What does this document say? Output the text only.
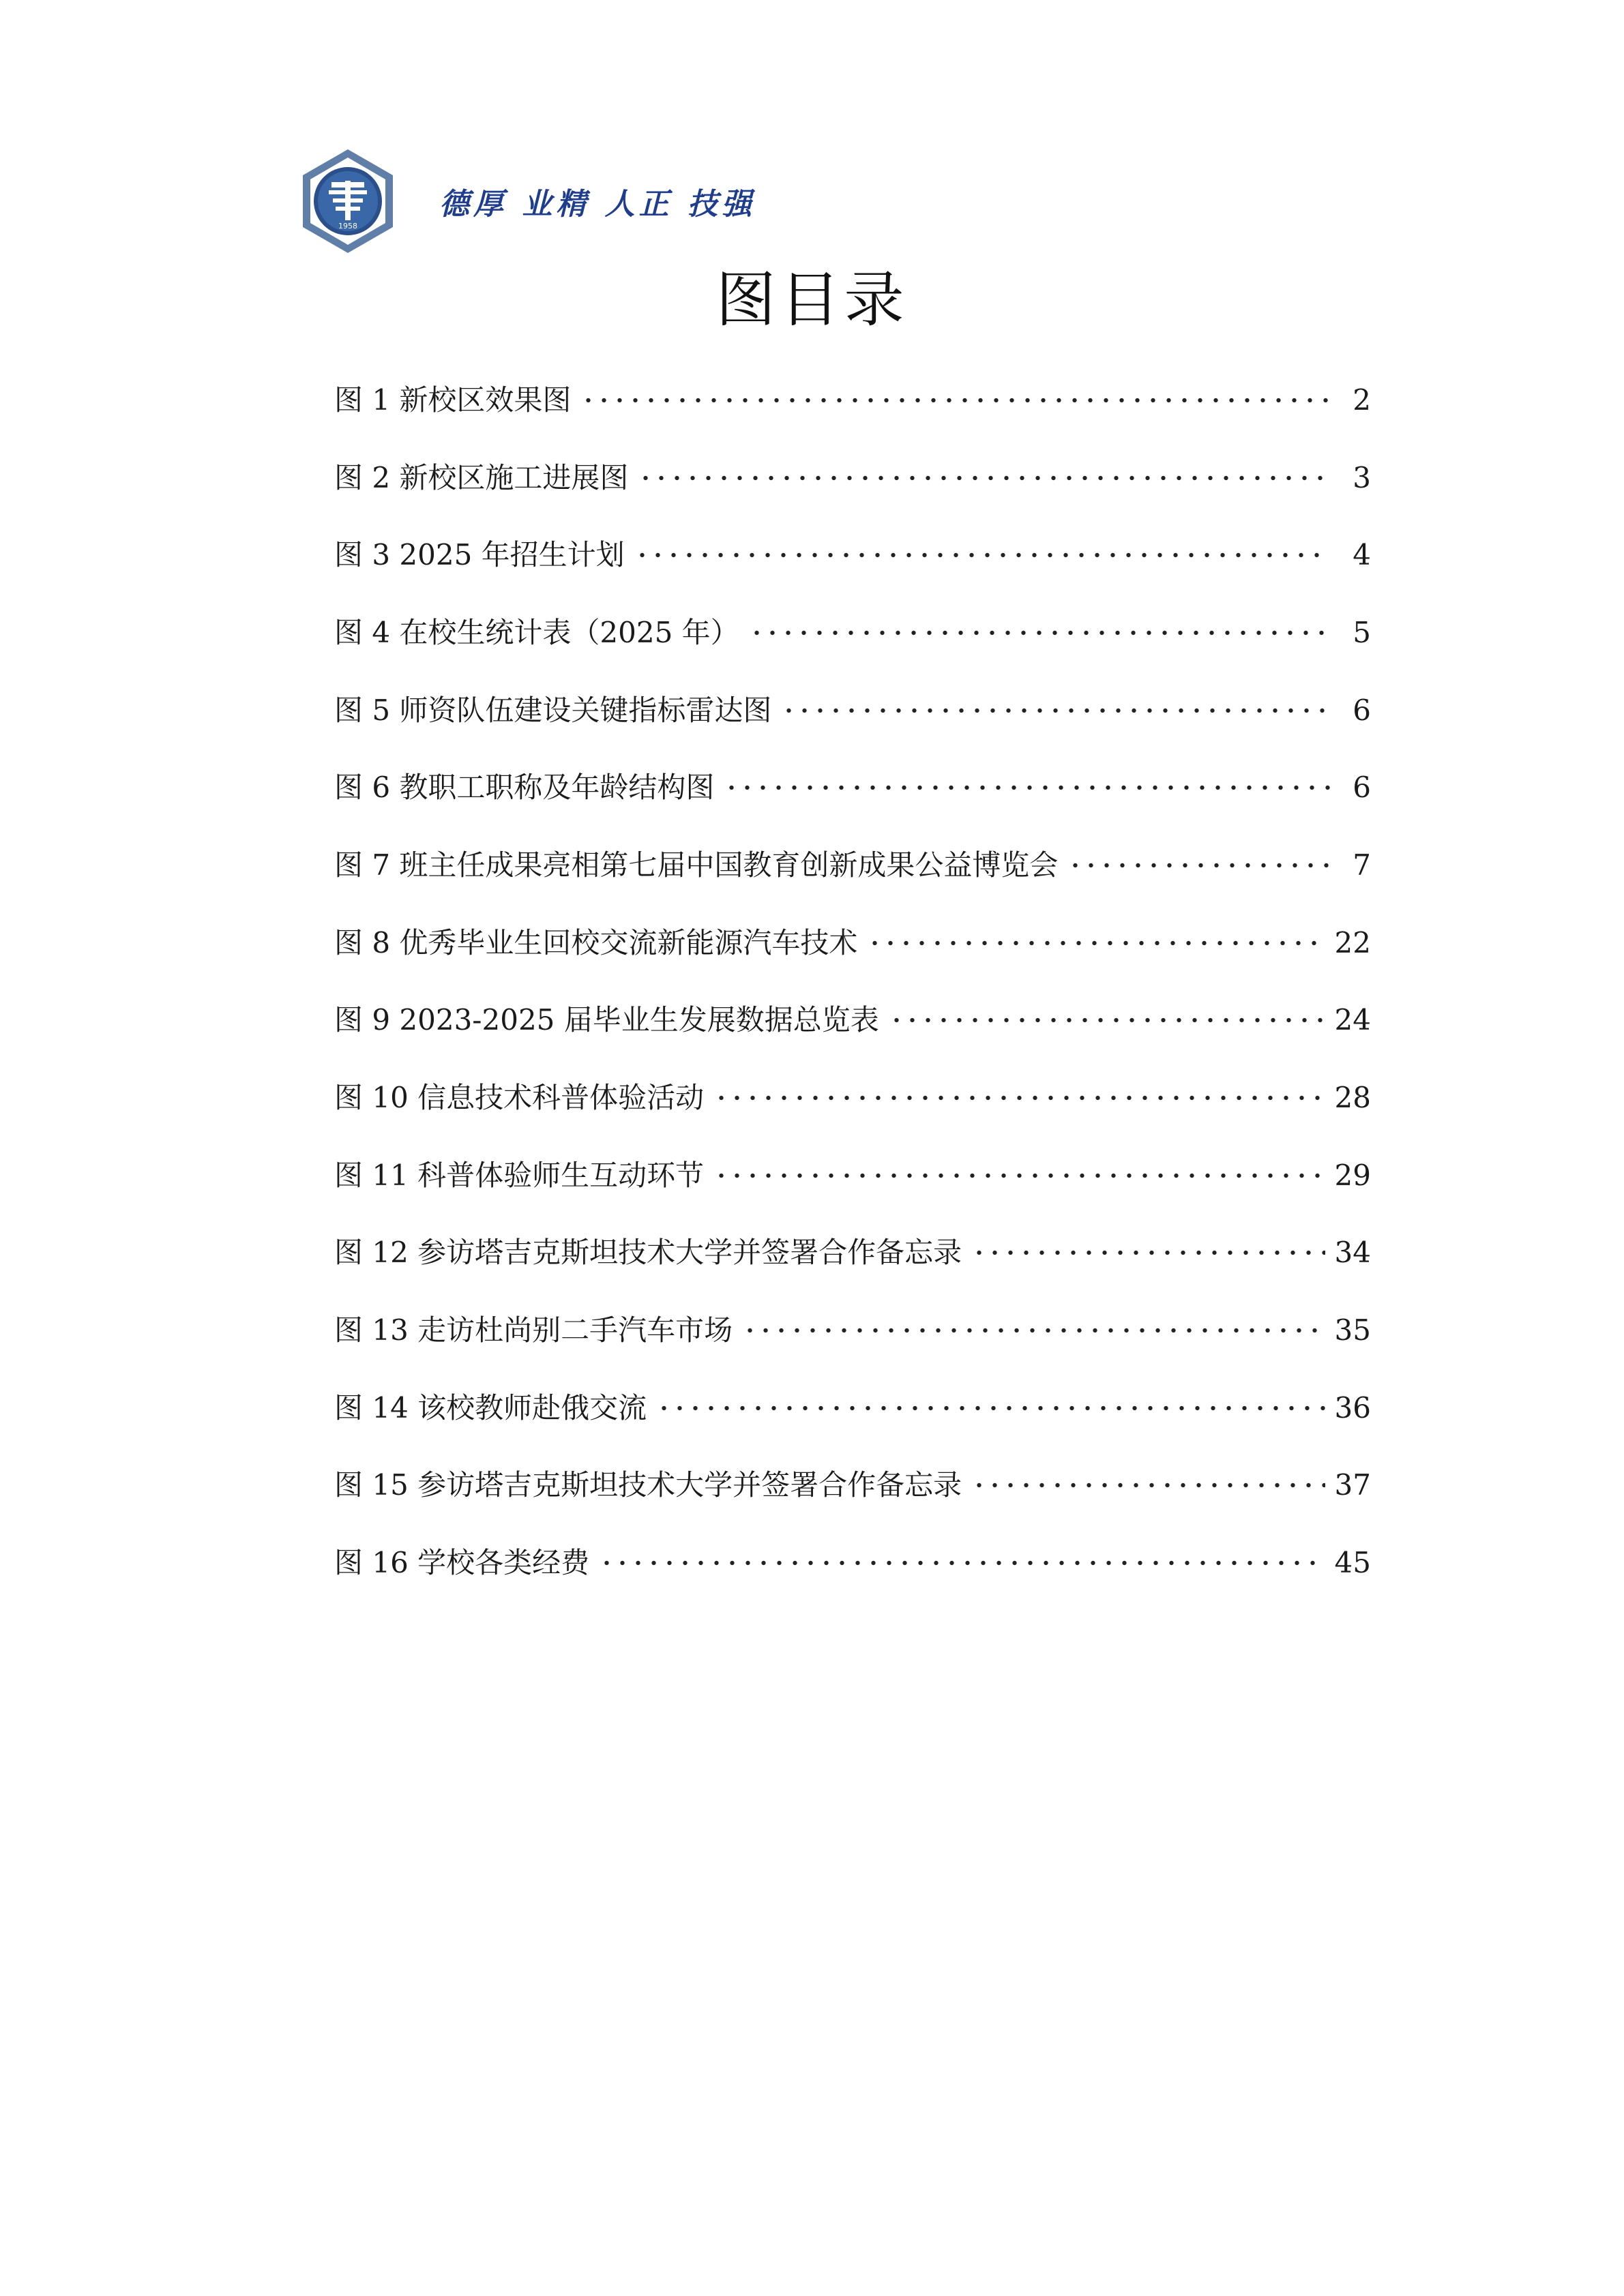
1958
德厚 业精 人正 技强
图目录
图 1 新校区效果图	2
图 2 新校区施工进展图	3
图 3 2025 年招生计划	4
图 4 在校生统计表（2025 年）	5
图 5 师资队伍建设关键指标雷达图	6
图 6 教职工职称及年龄结构图	6
图 7 班主任成果亮相第七届中国教育创新成果公益博览会	7
图 8 优秀毕业生回校交流新能源汽车技术	22
图 9 2023-2025 届毕业生发展数据总览表	24
图 10 信息技术科普体验活动	28
图 11 科普体验师生互动环节	29
图 12 参访塔吉克斯坦技术大学并签署合作备忘录	34
图 13 走访杜尚别二手汽车市场	35
图 14 该校教师赴俄交流	36
图 15 参访塔吉克斯坦技术大学并签署合作备忘录	37
图 16 学校各类经费	45
